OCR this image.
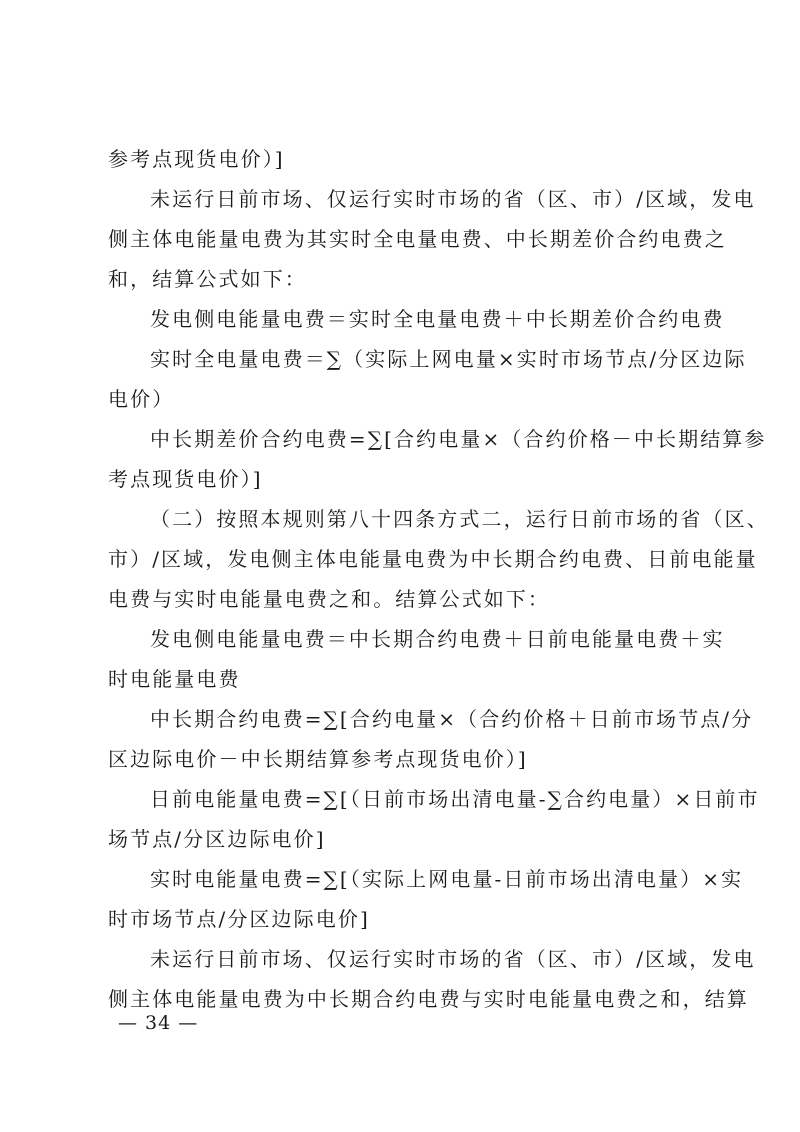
参考点现货电价）]
未运行日前市场、仅运行实时市场的省（区、市）/区域，发电
侧主体电能量电费为其实时全电量电费、中长期差价合约电费之
和，结算公式如下：
发电侧电能量电费＝实时全电量电费＋中长期差价合约电费
实时全电量电费＝∑（实际上网电量×实时市场节点/分区边际
电价）
中长期差价合约电费=∑[合约电量×（合约价格－中长期结算参
考点现货电价）]
（二）按照本规则第八十四条方式二，运行日前市场的省（区、
市）/区域，发电侧主体电能量电费为中长期合约电费、日前电能量
电费与实时电能量电费之和。结算公式如下：
发电侧电能量电费＝中长期合约电费＋日前电能量电费＋实
时电能量电费
中长期合约电费=∑[合约电量×（合约价格＋日前市场节点/分
区边际电价－中长期结算参考点现货电价）]
日前电能量电费=∑[（日前市场出清电量-∑合约电量）×日前市
场节点/分区边际电价]
实时电能量电费=∑[（实际上网电量-日前市场出清电量）×实
时市场节点/分区边际电价]
未运行日前市场、仅运行实时市场的省（区、市）/区域，发电
侧主体电能量电费为中长期合约电费与实时电能量电费之和，结算
— 34 —
